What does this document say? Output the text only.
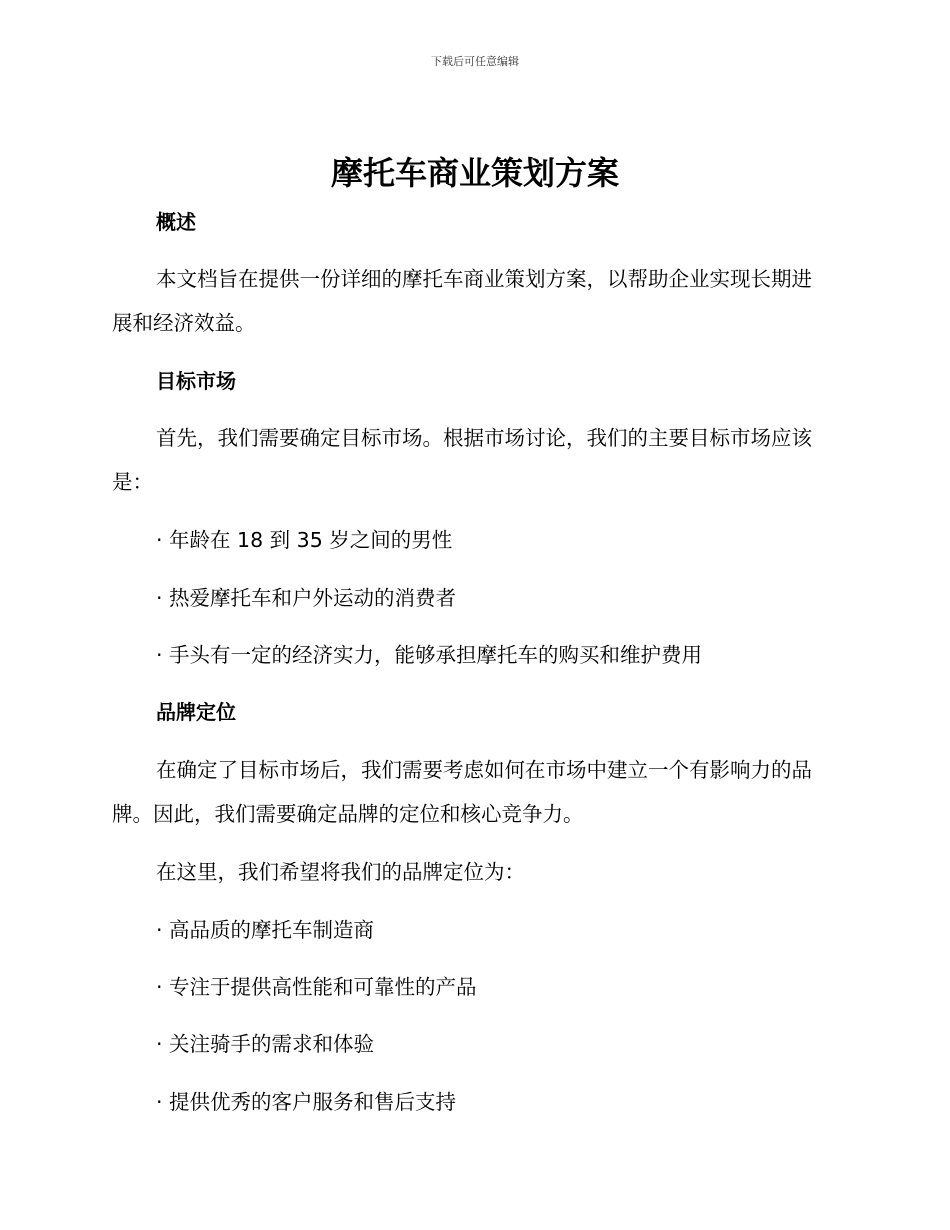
下载后可任意编辑
摩托车商业策划方案
概述
本文档旨在提供一份详细的摩托车商业策划方案，以帮助企业实现长期进展和经济效益。
目标市场
首先，我们需要确定目标市场。根据市场讨论，我们的主要目标市场应该是：
· 年龄在 18 到 35 岁之间的男性
· 热爱摩托车和户外运动的消费者
· 手头有一定的经济实力，能够承担摩托车的购买和维护费用
品牌定位
在确定了目标市场后，我们需要考虑如何在市场中建立一个有影响力的品牌。因此，我们需要确定品牌的定位和核心竞争力。
在这里，我们希望将我们的品牌定位为：
· 高品质的摩托车制造商
· 专注于提供高性能和可靠性的产品
· 关注骑手的需求和体验
· 提供优秀的客户服务和售后支持
